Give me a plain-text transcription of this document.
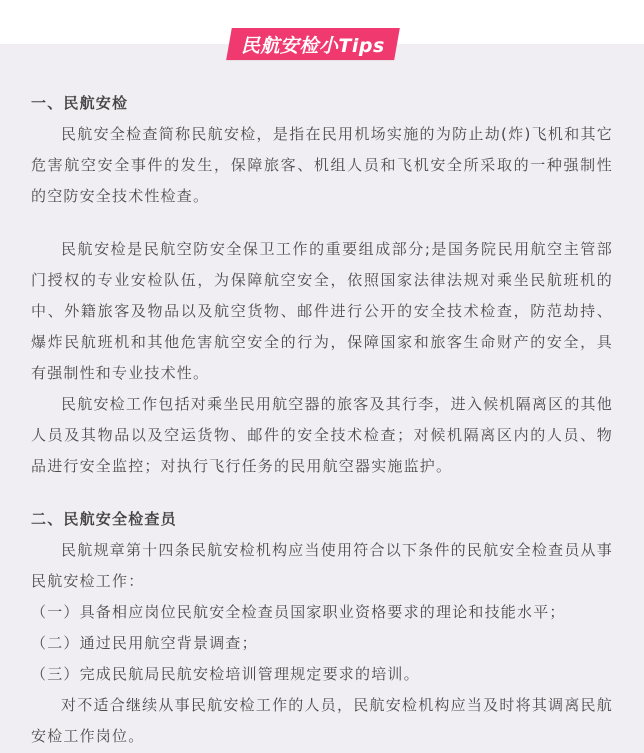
民航安检小Tips

一、民航安检

民航安全检查简称民航安检，是指在民用机场实施的为防止劫(炸)飞机和其它危害航空安全事件的发生，保障旅客、机组人员和飞机安全所采取的一种强制性的空防安全技术性检查。

民航安检是民航空防安全保卫工作的重要组成部分;是国务院民用航空主管部门授权的专业安检队伍，为保障航空安全，依照国家法律法规对乘坐民航班机的中、外籍旅客及物品以及航空货物、邮件进行公开的安全技术检查，防范劫持、爆炸民航班机和其他危害航空安全的行为，保障国家和旅客生命财产的安全，具有强制性和专业技术性。

民航安检工作包括对乘坐民用航空器的旅客及其行李，进入候机隔离区的其他人员及其物品以及空运货物、邮件的安全技术检查；对候机隔离区内的人员、物品进行安全监控；对执行飞行任务的民用航空器实施监护。

二、民航安全检查员

民航规章第十四条民航安检机构应当使用符合以下条件的民航安全检查员从事民航安检工作：

（一）具备相应岗位民航安全检查员国家职业资格要求的理论和技能水平；

（二）通过民用航空背景调查；

（三）完成民航局民航安检培训管理规定要求的培训。

对不适合继续从事民航安检工作的人员，民航安检机构应当及时将其调离民航安检工作岗位。
